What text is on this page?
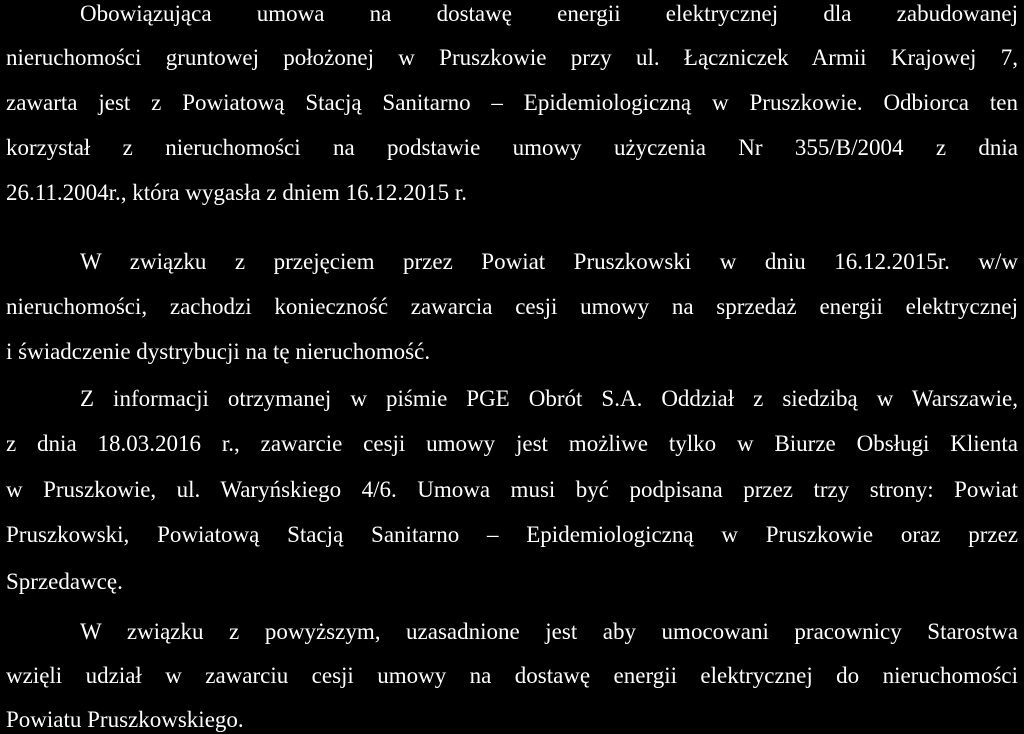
Obowiązująca umowa na dostawę energii elektrycznej dla zabudowanej
nieruchomości gruntowej położonej w Pruszkowie przy ul. Łączniczek Armii Krajowej 7,
zawarta jest z Powiatową Stacją Sanitarno – Epidemiologiczną w Pruszkowie. Odbiorca ten
korzystał z nieruchomości na podstawie umowy użyczenia Nr 355/B/2004 z dnia
26.11.2004r., która wygasła z dniem 16.12.2015 r.
W związku z przejęciem przez Powiat Pruszkowski w dniu 16.12.2015r. w/w
nieruchomości, zachodzi konieczność zawarcia cesji umowy na sprzedaż energii elektrycznej
i świadczenie dystrybucji na tę nieruchomość.
Z informacji otrzymanej w piśmie PGE Obrót S.A. Oddział z siedzibą w Warszawie,
z dnia 18.03.2016 r., zawarcie cesji umowy jest możliwe tylko w Biurze Obsługi Klienta
w Pruszkowie, ul. Waryńskiego 4/6. Umowa musi być podpisana przez trzy strony: Powiat
Pruszkowski, Powiatową Stacją Sanitarno – Epidemiologiczną w Pruszkowie oraz przez
Sprzedawcę.
W związku z powyższym, uzasadnione jest aby umocowani pracownicy Starostwa
wzięli udział w zawarciu cesji umowy na dostawę energii elektrycznej do nieruchomości
Powiatu Pruszkowskiego.
